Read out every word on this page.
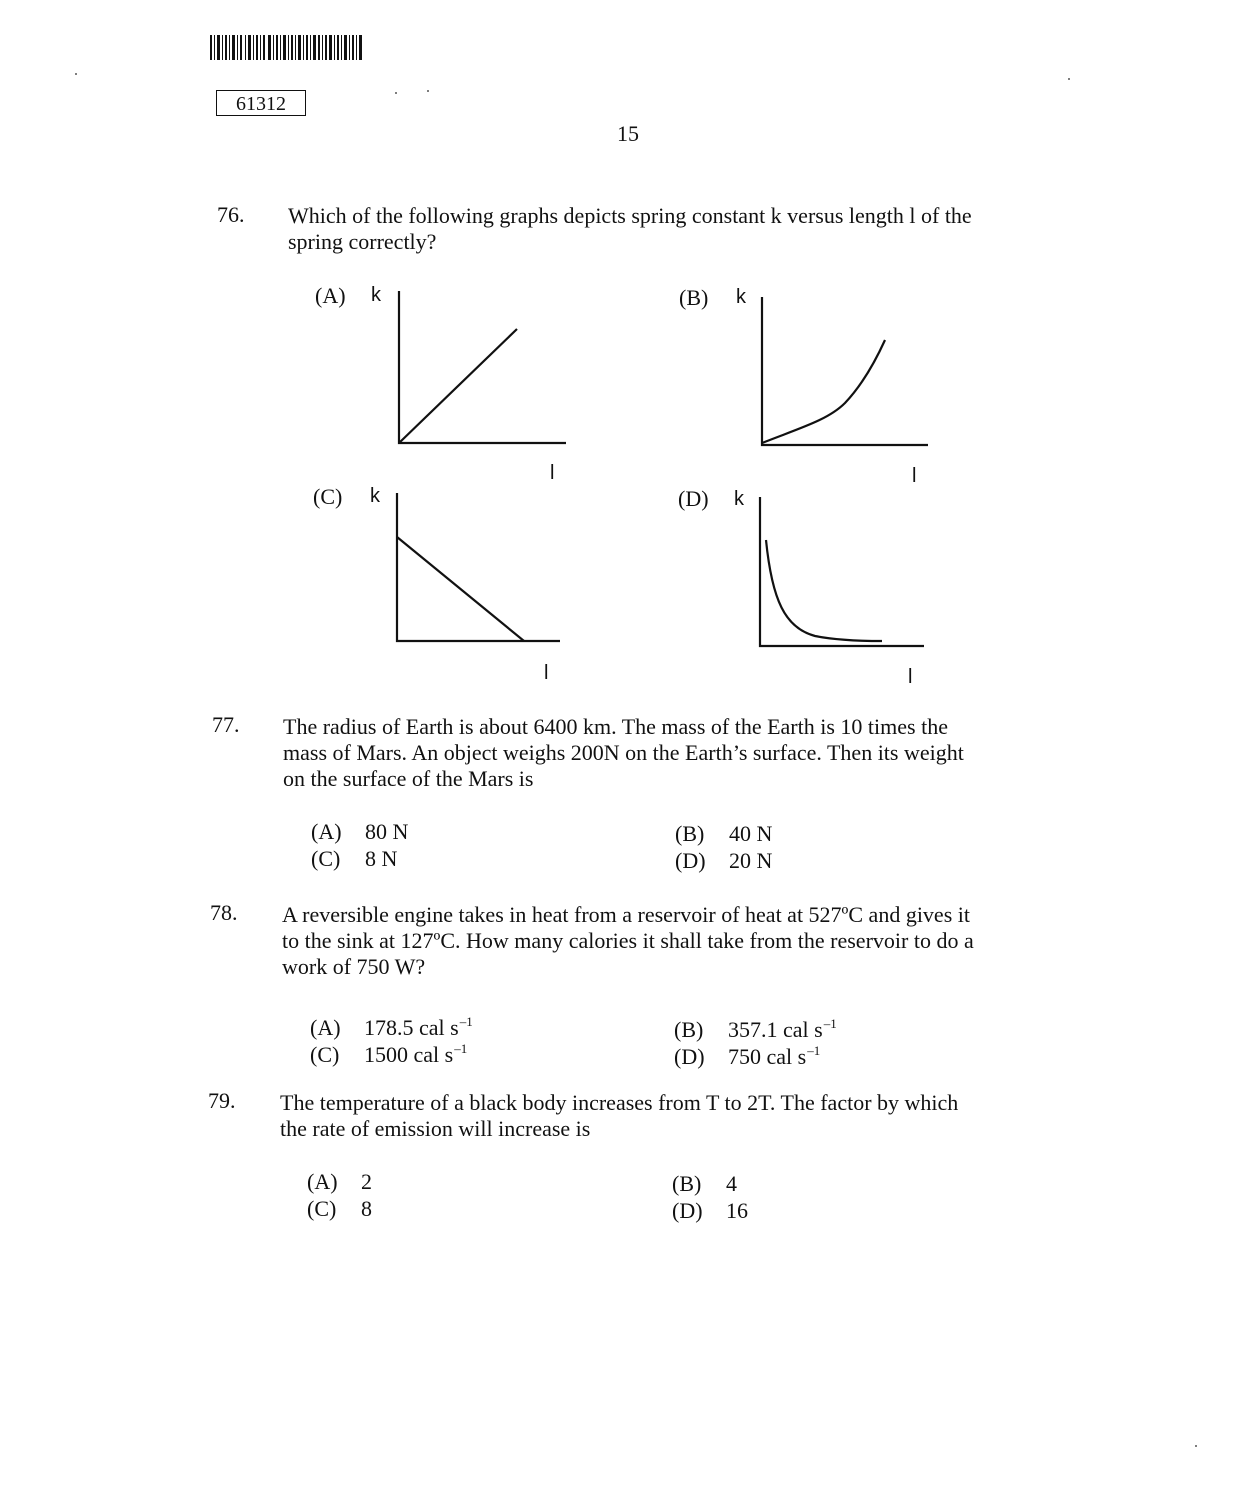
61312
15
76. Which of the following graphs depicts spring constant k versus length l of the
spring correctly?
(A)	(B)
(C)	(D)
k
l
k
l
k
l
k
l
77. The radius of Earth is about 6400 km. The mass of the Earth is 10 times the
mass of Mars. An object weighs 200N on the Earth’s surface. Then its weight
on the surface of the Mars is
(A) 80 N	(B) 40 N
(C) 8 N	(D) 20 N
78. A reversible engine takes in heat from a reservoir of heat at 527ºC and gives it
to the sink at 127ºC. How many calories it shall take from the reservoir to do a
work of 750 W?
(A) 178.5 cal $s^{-1}$	(B) 357.1 cal $s^{-1}$
(C) 1500 cal $s^{-1}$	(D) 750 cal $s^{-1}$
79. The temperature of a black body increases from T to 2T. The factor by which
the rate of emission will increase is
(A) 2	(B) 4
(C) 8	(D) 16
